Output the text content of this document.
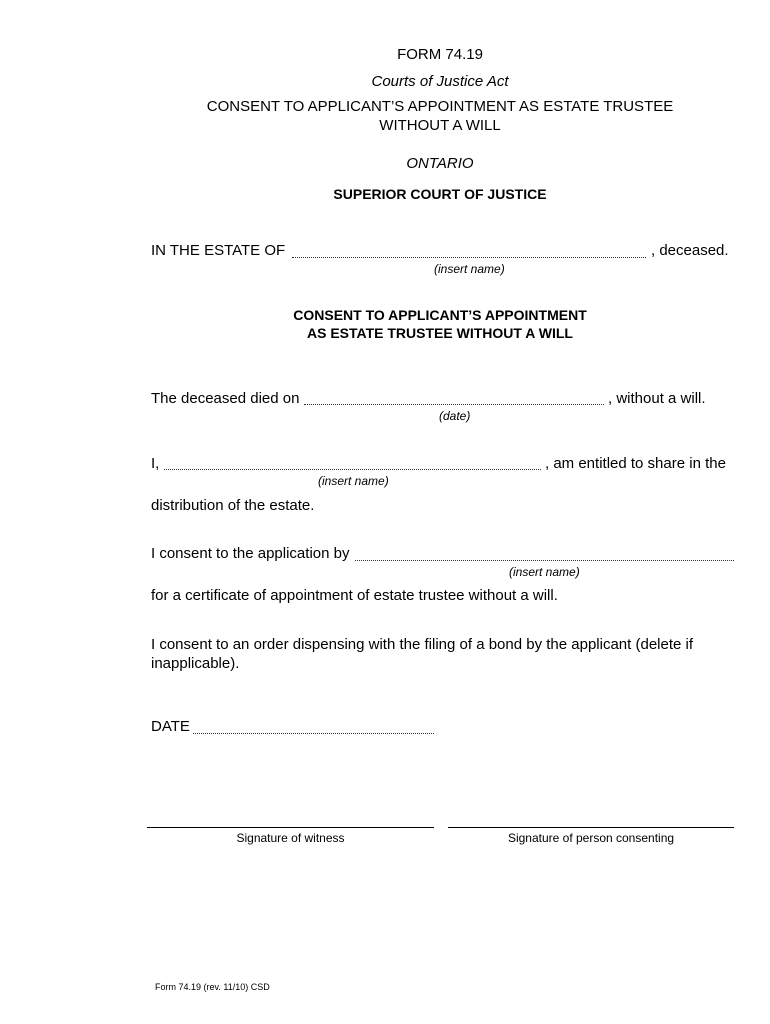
FORM 74.19
Courts of Justice Act
CONSENT TO APPLICANT’S APPOINTMENT AS ESTATE TRUSTEE
WITHOUT A WILL
ONTARIO
SUPERIOR COURT OF JUSTICE
IN THE ESTATE OF	, deceased.
(insert name)
CONSENT TO APPLICANT’S APPOINTMENT
AS ESTATE TRUSTEE WITHOUT A WILL
The deceased died on	, without a will.
(date)
I,	, am entitled to share in the
(insert name)
distribution of the estate.
I consent to the application by
(insert name)
for a certificate of appointment of estate trustee without a will.
I consent to an order dispensing with the filing of a bond by the applicant (delete if
inapplicable).
DATE
Signature of witness	Signature of person consenting
Form 74.19 (rev. 11/10) CSD
